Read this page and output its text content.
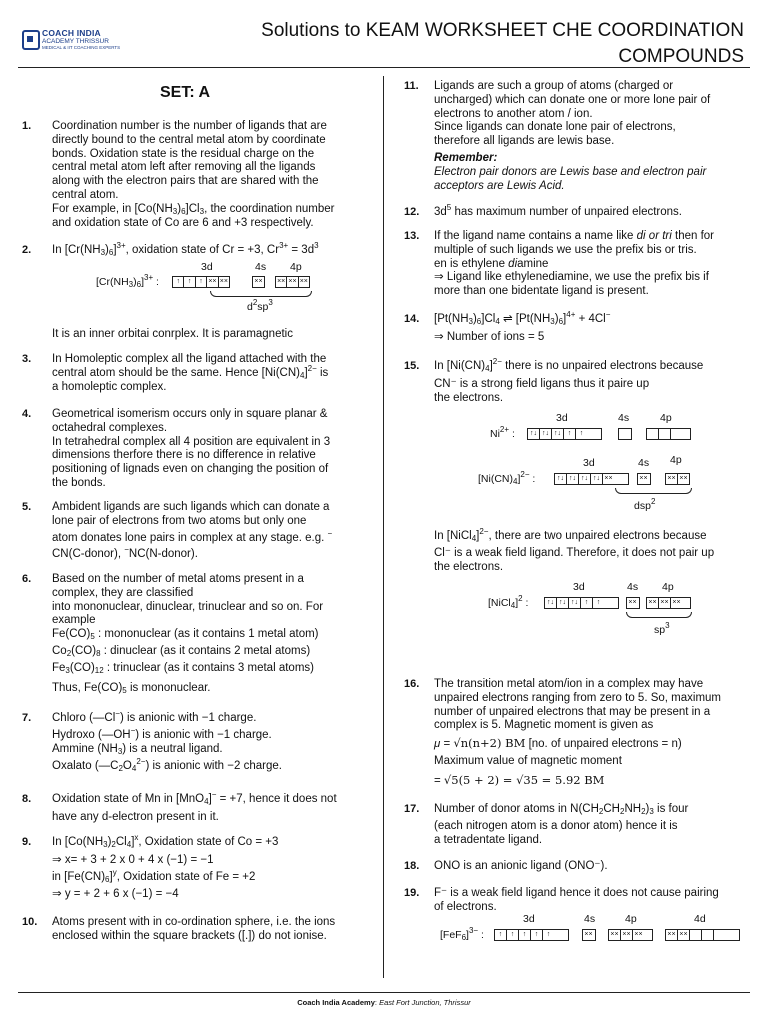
COACH INDIA
ACADEMY THRISSUR
MEDICAL & IIT COACHING EXPERTS
Solutions to KEAM WORKSHEET CHE COORDINATION COMPOUNDS
SET: A
1. Coordination number is the number of ligands that are
directly bound to the central metal atom by coordinate
bonds. Oxidation state is the residual charge on the
central metal atom left after removing all the ligands
along with the electron pairs that are shared with the
central atom.
For example, in $[Co(NH_3)_6]Cl_3$, the coordination number
and oxidation state of Co are 6 and +3 respectively.
2. In $[Cr(NH_3)_6]^{3+}$, oxidation state of Cr = +3, $Cr^{3+} = 3d^3$
3d	4s 4p
$[Cr(NH_3)_6]^{3+}$ :	↑	↑	↑ ×× ××	×× ×× ×× ××
$d^2sp^3$
It is an inner orbitai conrplex. It is paramagnetic
3. In Homoleptic complex all the ligand attached with the
central atom should be the same. Hence $[Ni(CN)_4]^{2-}$ is
a homoleptic complex.
4. Geometrical isomerism occurs only in square planar &
octahedral complexes.
In tetrahedral complex all 4 position are equivalent in 3
dimensions therfore there is no difference in relative
positioning of lignads even on changing the position of
the bonds.
5. Ambident ligands are such ligands which can donate a
lone pair of electrons from two atoms but only one
atom donates lone pairs in complex at any stage. e.g. −
CN(C-donor), −NC(N-donor).
6. Based on the number of metal atoms present in a
complex, they are classified
into mononuclear, dinuclear, trinuclear and so on. For
example
$Fe(CO)_5$ : mononuclear (as it contains 1 metal atom)
$Co_2(CO)_8$ : dinuclear (as it contains 2 metal atoms)
$Fe_3(CO)_{12}$ : trinuclear (as it contains 3 metal atoms)
Thus, $Fe(CO)_5$ is mononuclear.
7. Chloro (—Cl−) is anionic with −1 charge.
Hydroxo (—OH−) is anionic with −1 charge.
Ammine $(NH_3)$ is a neutral ligand.
Oxalato $(—C_2O_4^{2-})$ is anionic with −2 charge.
8. Oxidation state of Mn in [MnO$_4$]− = +7, hence it does not
have any d-electron present in it.
9. In $[Co(NH_3)_2Cl_4]^x$, Oxidation state of Co = +3
⇒ x= + 3 + 2 x 0 + 4 x (−1) = −1
in $[Fe(CN)_6]^y$, Oxidation state of Fe = +2
⇒ y = + 2 + 6 x (−1) = −4
10. Atoms present with in co-ordination sphere, i.e. the ions
enclosed within the square brackets ([.]) do not ionise.
11. Ligands are such a group of atoms (charged or
uncharged) which can donate one or more lone pair of
electrons to another atom / ion.
Since ligands can donate lone pair of electrons,
therefore all ligands are lewis base.
Remember:
Electron pair donors are Lewis base and electron pair
acceptors are Lewis Acid.
12. $3d^5$ has maximum number of unpaired electrons.
13. If the ligand name contains a name like di or tri then for
multiple of such ligands we use the prefix bis or tris.
en is ethylene diamine
⇒ Ligand like ethylenediamine, we use the prefix bis if
more than one bidentate ligand is present.
14. $[Pt(NH_3)_6]Cl_4$ ⇌ $[Pt(NH_3)_6]^{4+} + 4Cl^-$
⇒ Number of ions = 5
15. In $[Ni(CN)_4]^{2-}$ there is no unpaired electrons because
CN⁻ is a strong field ligans thus it paire up
the electrons.
3d	4s	4p
$Ni^{2+}$ : ↑↓ ↑↓ ↑↓ ↑	↑
3d	4s 4p
$[Ni(CN)_4]^{2-}$ :	↑↓ ↑↓ ↑↓ ↑↓ ××	××	×× ××
dsp$^2$
In [NiCl$_4$]$^{2-}$, there are two unpaired electrons because
Cl⁻ is a weak field ligand. Therefore, it does not pair up
the electrons.
3d	4s 4p
[NiCl$_4$]$^2$ :	↑↓ ↑↓ ↑↓ ↑	↑	×× ×× ×× ××
$sp^3$
16. The transition metal atom/ion in a complex may have
unpaired electrons ranging from zero to 5. So, maximum
number of unpaired electrons that may be present in a
complex is 5. Magnetic moment is given as
μ = √n(n+2) BM [no. of unpaired electrons = n)
Maximum value of magnetic moment
= √5(5 + 2) = √35 = 5.92 BM
17. Number of donor atoms in $N(CH_2CH_2NH_2)_3$ is four
(each nitrogen atom is a donor atom) hence it is
a tetradentate ligand.
18. ONO is an anionic ligand (ONO⁻).
19. F⁻ is a weak field ligand hence it does not cause pairing
of electrons.
3d	4s	4p	4d
$[FeF_6]^{3-}$ :	↑	↑	↑	↑	↑	××	×× ×× ××	×× ××
Coach India Academy: East Fort Junction, Thrissur
